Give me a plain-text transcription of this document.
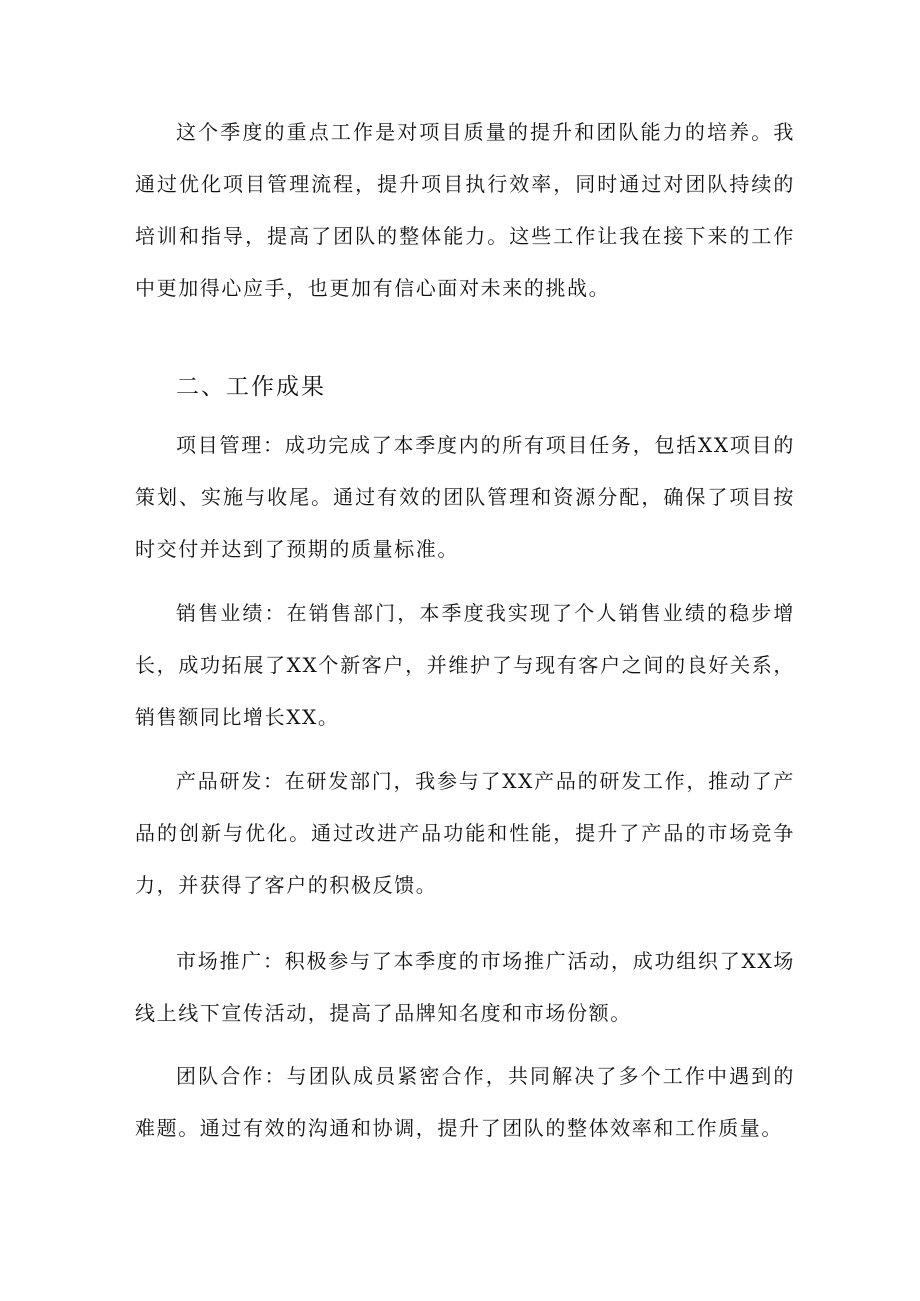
这个季度的重点工作是对项目质量的提升和团队能力的培养。我通过优化项目管理流程，提升项目执行效率，同时通过对团队持续的培训和指导，提高了团队的整体能力。这些工作让我在接下来的工作中更加得心应手，也更加有信心面对未来的挑战。

二、工作成果

项目管理：成功完成了本季度内的所有项目任务，包括XX项目的策划、实施与收尾。通过有效的团队管理和资源分配，确保了项目按时交付并达到了预期的质量标准。

销售业绩：在销售部门，本季度我实现了个人销售业绩的稳步增长，成功拓展了XX个新客户，并维护了与现有客户之间的良好关系，销售额同比增长XX。

产品研发：在研发部门，我参与了XX产品的研发工作，推动了产品的创新与优化。通过改进产品功能和性能，提升了产品的市场竞争力，并获得了客户的积极反馈。

市场推广：积极参与了本季度的市场推广活动，成功组织了XX场线上线下宣传活动，提高了品牌知名度和市场份额。

团队合作：与团队成员紧密合作，共同解决了多个工作中遇到的难题。通过有效的沟通和协调，提升了团队的整体效率和工作质量。
